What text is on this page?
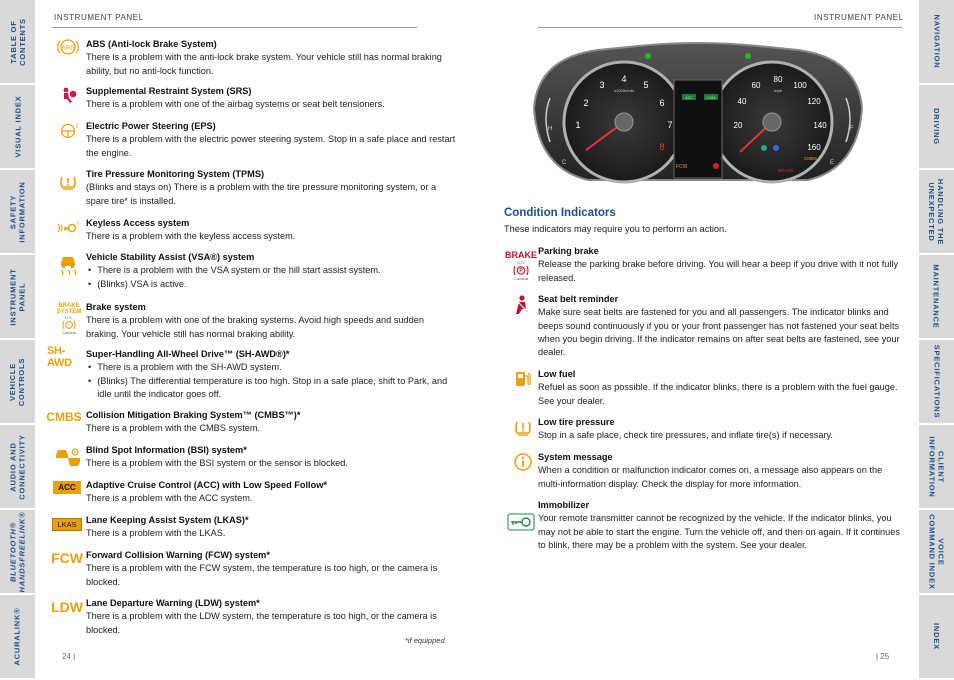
TABLE OF
CONTENTS
VISUAL INDEX
SAFETY
INFORMATION
INSTRUMENT
PANEL
VEHICLE
CONTROLS
AUDIO AND
CONNECTIVITY
BLUETOOTH®
HANDSFREELINK®
ACURALINK®
NAVIGATION
DRIVING
HANDLING THE
UNEXPECTED
MAINTENANCE
SPECIFICATIONS
CLIENT
INFORMATION
VOICE
COMMAND INDEX
INDEX
INSTRUMENT PANEL	INSTRUMENT PANEL
ABS
!
!
BRAKE SYSTEM
U.S.
!
Canada
SH-AWD
CMBS
!
ACC
LKAS
FCW
LDW
ABS (Anti-lock Brake System)
There is a problem with the anti-lock brake system. Your vehicle still has normal braking ability, but no anti-lock function.
Supplemental Restraint System (SRS)
There is a problem with one of the airbag systems or seat belt tensioners.
Electric Power Steering (EPS)
There is a problem with the electric power steering system. Stop in a safe place and restart the engine.
Tire Pressure Monitoring System (TPMS)
(Blinks and stays on) There is a problem with the tire pressure monitoring system, or a spare tire* is installed.
Keyless Access system
There is a problem with the keyless access system.
Vehicle Stability Assist (VSA®) system
• There is a problem with the VSA system or the hill start assist system.
• (Blinks) VSA is active.
Brake system
There is a problem with one of the braking systems. Avoid high speeds and sudden braking. Your vehicle still has normal braking ability.
Super-Handling All-Wheel Drive™ (SH-AWD®)*
• There is a problem with the SH-AWD system.
• (Blinks) The differential temperature is too high. Stop in a safe place, shift to Park, and idle until the indicator goes off.
Collision Mitigation Braking System™ (CMBS™)*
There is a problem with the CMBS system.
Blind Spot Information (BSI) system*
There is a problem with the BSI system or the sensor is blocked.
Adaptive Cruise Control (ACC) with Low Speed Follow*
There is a problem with the ACC system.
Lane Keeping Assist System (LKAS)*
There is a problem with the LKAS.
Forward Collision Warning (FCW) system*
There is a problem with the FCW system, the temperature is too high, or the camera is blocked.
Lane Departure Warning (LDW) system*
There is a problem with the LDW system, the temperature is too high, or the camera is blocked.
*if equipped
24 |	| 25
ACC	LKAS
FCW
1
2
3
4
5
6
7
8
x1000r/min
20
40
60
80
100
120
140
160
mph
CMBS
BRAKE
H
C
F
E
Condition Indicators
These indicators may require you to perform an action.
BRAKE
U.S.
P
Canada
Parking brake
Release the parking brake before driving. You will hear a beep if you drive with it not fully released.
Seat belt reminder
Make sure seat belts are fastened for you and all passengers. The indicator blinks and beeps sound continuously if you or your front passenger has not fastened your seat belts when you begin driving. If the indicator remains on after seat belts are fastened, see your dealer.
Low fuel
Refuel as soon as possible. If the indicator blinks, there is a problem with the fuel gauge. See your dealer.
Low tire pressure
Stop in a safe place, check tire pressures, and inflate tire(s) if necessary.
System message
When a condition or malfunction indicator comes on, a message also appears on the multi-information display. Check the display for more information.
Immobilizer
Your remote transmitter cannot be recognized by the vehicle. If the indicator blinks, you may not be able to start the engine. Turn the vehicle off, and then on again. If it continues to blink, there may be a problem with the system. See your dealer.
